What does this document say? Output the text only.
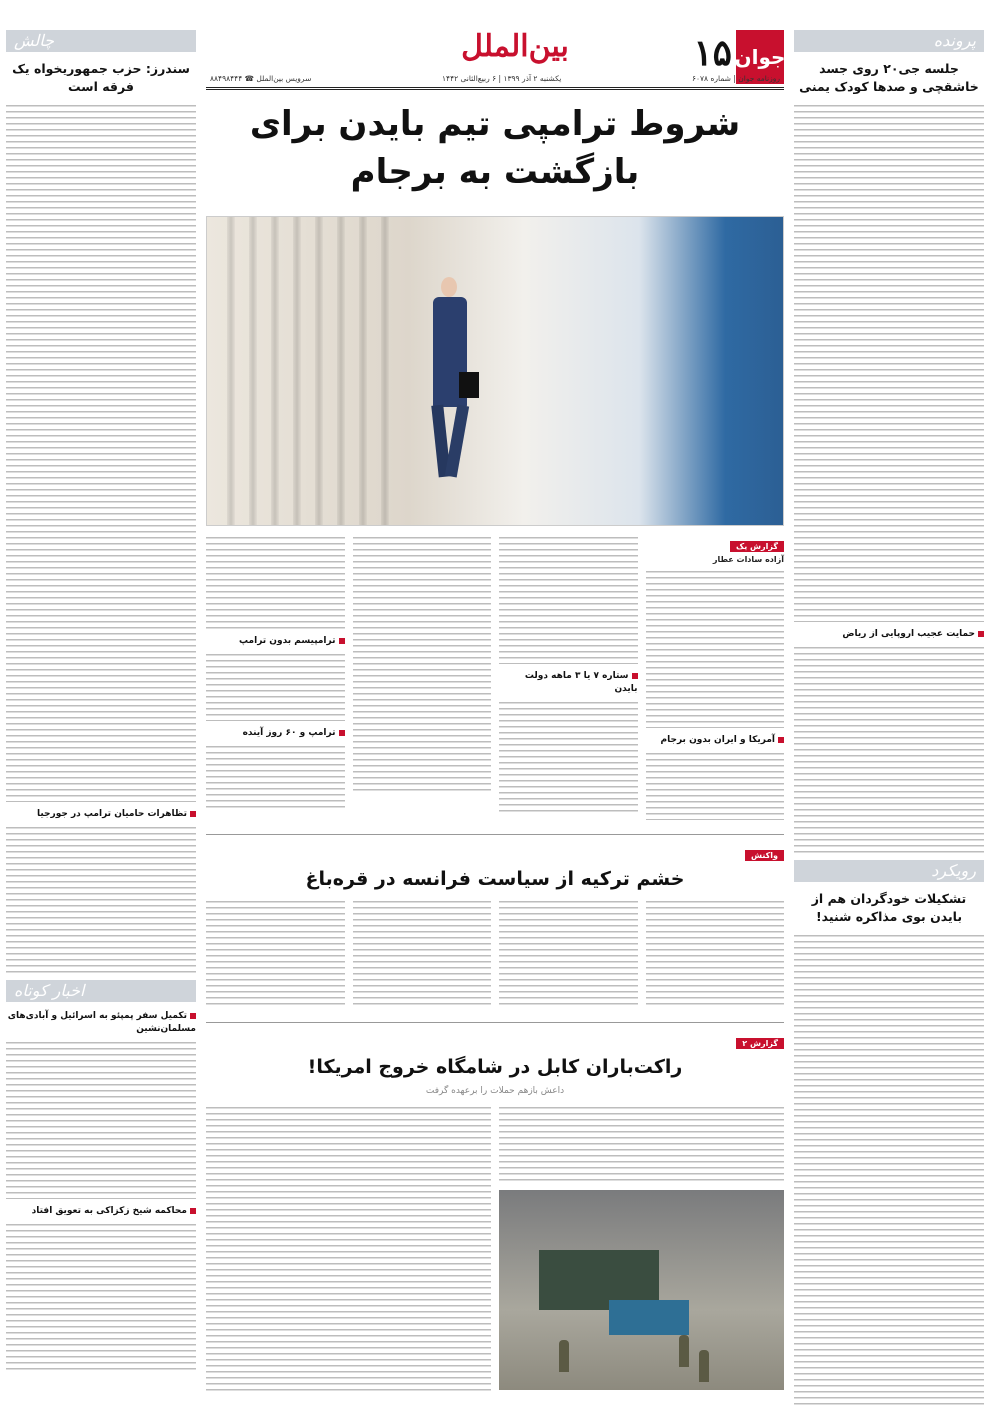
پرونده
جلسه جی۲۰ روی جسد خاشقچی و صدها کودک یمنی
حمایت عجیب اروپایی از ریاض
رویکرد
تشکیلات خودگردان هم از بایدن بوی مذاکره شنید!
چالش
سندرز: حزب جمهوریخواه یک فرقه است
تظاهرات حامیان ترامپ در جورجیا
اخبار کوتاه
تکمیل سفر پمپئو به اسرائیل و آبادی‌های مسلمان‌نشین
محاکمه شیخ زکزاکی به تعویق افتاد
جوان
۱۵
بین‌الملل
روزنامه جوان | شماره ۶۰۷۸
یکشنبه ۲ آذر ۱۳۹۹ | ۶ ربیع‌الثانی ۱۴۴۲
سرویس بین‌الملل ☎ ۸۸۴۹۸۴۴۴
شروط ترامپی تیم بایدن برای بازگشت به برجام
گزارش یک
آزاده سادات عطار
آمریکا و ایران بدون برجام
ستاره ۷ یا ۳ ماهه دولت بایدن
ترامپیسم بدون ترامپ
ترامپ و ۶۰ روز آینده
واکنش
خشم ترکیه از سیاست فرانسه در قره‌باغ
گزارش ۲
راکت‌باران کابل در شامگاه خروج امریکا!
داعش بازهم حملات را برعهده گرفت
